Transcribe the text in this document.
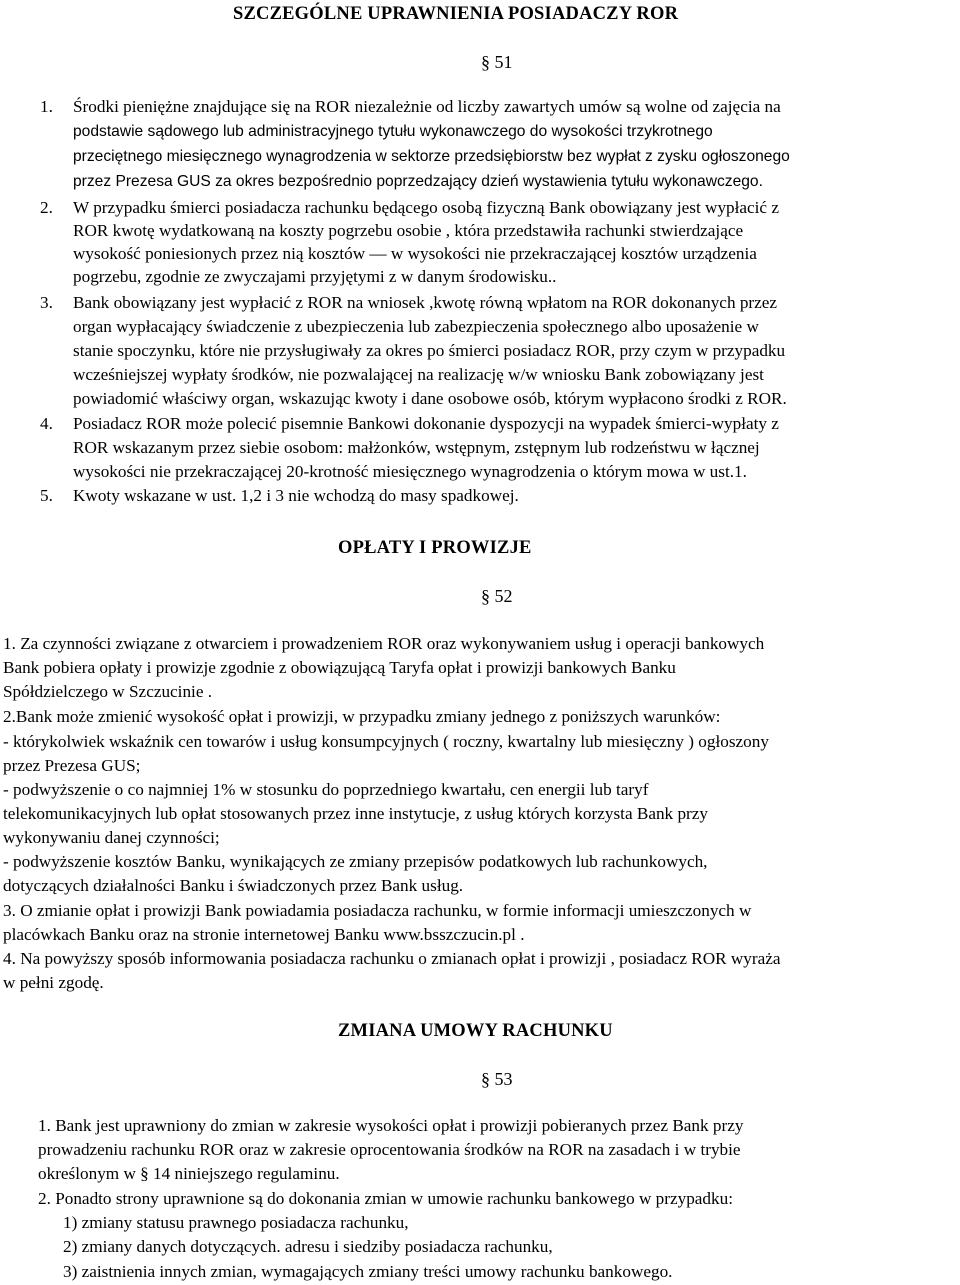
SZCZEGÓLNE UPRAWNIENIA POSIADACZY ROR
§ 51
1. Środki pieniężne znajdujące się na ROR niezależnie od liczby zawartych umów są wolne od zajęcia na
podstawie sądowego lub administracyjnego tytułu wykonawczego do wysokości trzykrotnego
przeciętnego miesięcznego wynagrodzenia w sektorze przedsiębiorstw bez wypłat z zysku ogłoszonego
przez Prezesa GUS za okres bezpośrednio poprzedzający dzień wystawienia tytułu wykonawczego.
2. W przypadku śmierci posiadacza rachunku będącego osobą fizyczną Bank obowiązany jest wypłacić z
ROR kwotę wydatkowaną na koszty pogrzebu osobie , która przedstawiła rachunki stwierdzające
wysokość poniesionych przez nią kosztów — w wysokości nie przekraczającej kosztów urządzenia
pogrzebu, zgodnie ze zwyczajami przyjętymi z w danym środowisku..
3. Bank obowiązany jest wypłacić z ROR na wniosek ,kwotę równą wpłatom na ROR dokonanych przez
organ wypłacający świadczenie z ubezpieczenia lub zabezpieczenia społecznego albo uposażenie w
stanie spoczynku, które nie przysługiwały za okres po śmierci posiadacz ROR, przy czym w przypadku
wcześniejszej wypłaty środków, nie pozwalającej na realizację w/w wniosku Bank zobowiązany jest
powiadomić właściwy organ, wskazując kwoty i dane osobowe osób, którym wypłacono środki z ROR.
4. Posiadacz ROR może polecić pisemnie Bankowi dokonanie dyspozycji na wypadek śmierci-wypłaty z
ROR wskazanym przez siebie osobom: małżonków, wstępnym, zstępnym lub rodzeństwu w łącznej
wysokości nie przekraczającej 20-krotność miesięcznego wynagrodzenia o którym mowa w ust.1.
5. Kwoty wskazane w ust. 1,2 i 3 nie wchodzą do masy spadkowej.
OPŁATY I PROWIZJE
§ 52
1. Za czynności związane z otwarciem i prowadzeniem ROR oraz wykonywaniem usług i operacji bankowych
Bank pobiera opłaty i prowizje zgodnie z obowiązującą Taryfa opłat i prowizji bankowych Banku
Spółdzielczego w Szczucinie .
2.Bank może zmienić wysokość opłat i prowizji, w przypadku zmiany jednego z poniższych warunków:
- którykolwiek wskaźnik cen towarów i usług konsumpcyjnych ( roczny, kwartalny lub miesięczny ) ogłoszony
przez Prezesa GUS;
- podwyższenie o co najmniej 1% w stosunku do poprzedniego kwartału, cen energii lub taryf
telekomunikacyjnych lub opłat stosowanych przez inne instytucje, z usług których korzysta Bank przy
wykonywaniu danej czynności;
- podwyższenie kosztów Banku, wynikających ze zmiany przepisów podatkowych lub rachunkowych,
dotyczących działalności Banku i świadczonych przez Bank usług.
3. O zmianie opłat i prowizji Bank powiadamia posiadacza rachunku, w formie informacji umieszczonych w
placówkach Banku oraz na stronie internetowej Banku www.bsszczucin.pl .
4. Na powyższy sposób informowania posiadacza rachunku o zmianach opłat i prowizji , posiadacz ROR wyraża
w pełni zgodę.
ZMIANA UMOWY RACHUNKU
§ 53
1. Bank jest uprawniony do zmian w zakresie wysokości opłat i prowizji pobieranych przez Bank przy
prowadzeniu rachunku ROR oraz w zakresie oprocentowania środków na ROR na zasadach i w trybie
określonym w § 14 niniejszego regulaminu.
2. Ponadto strony uprawnione są do dokonania zmian w umowie rachunku bankowego w przypadku:
1) zmiany statusu prawnego posiadacza rachunku,
2) zmiany danych dotyczących. adresu i siedziby posiadacza rachunku,
3) zaistnienia innych zmian, wymagających zmiany treści umowy rachunku bankowego.
